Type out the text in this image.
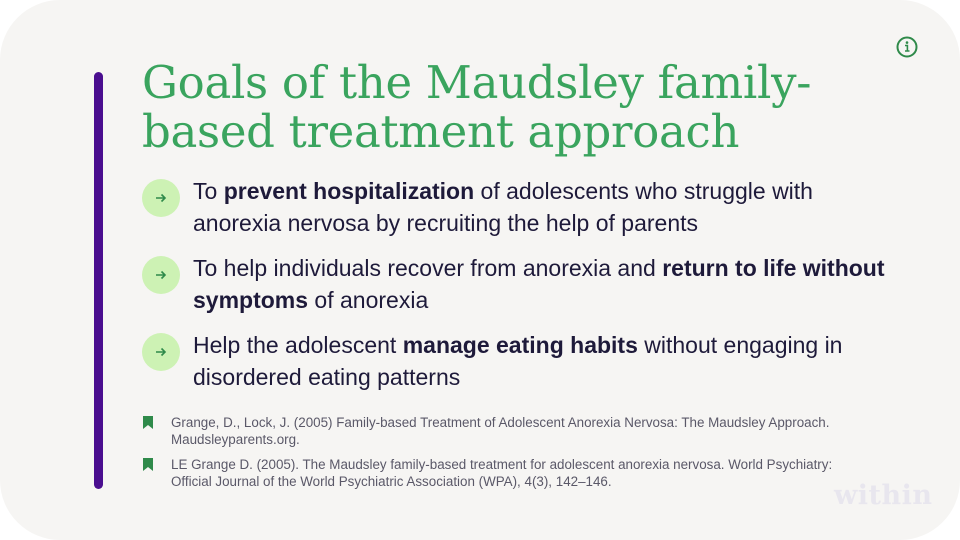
Goals of the Maudsley family-based treatment approach
To prevent hospitalization of adolescents who struggle with anorexia nervosa by recruiting the help of parents
To help individuals recover from anorexia and return to life without symptoms of anorexia
Help the adolescent manage eating habits without engaging in disordered eating patterns
Grange, D., Lock, J. (2005) Family-based Treatment of Adolescent Anorexia Nervosa: The Maudsley Approach. Maudsleyparents.org.
LE Grange D. (2005). The Maudsley family-based treatment for adolescent anorexia nervosa. World Psychiatry: Official Journal of the World Psychiatric Association (WPA), 4(3), 142–146.	within
